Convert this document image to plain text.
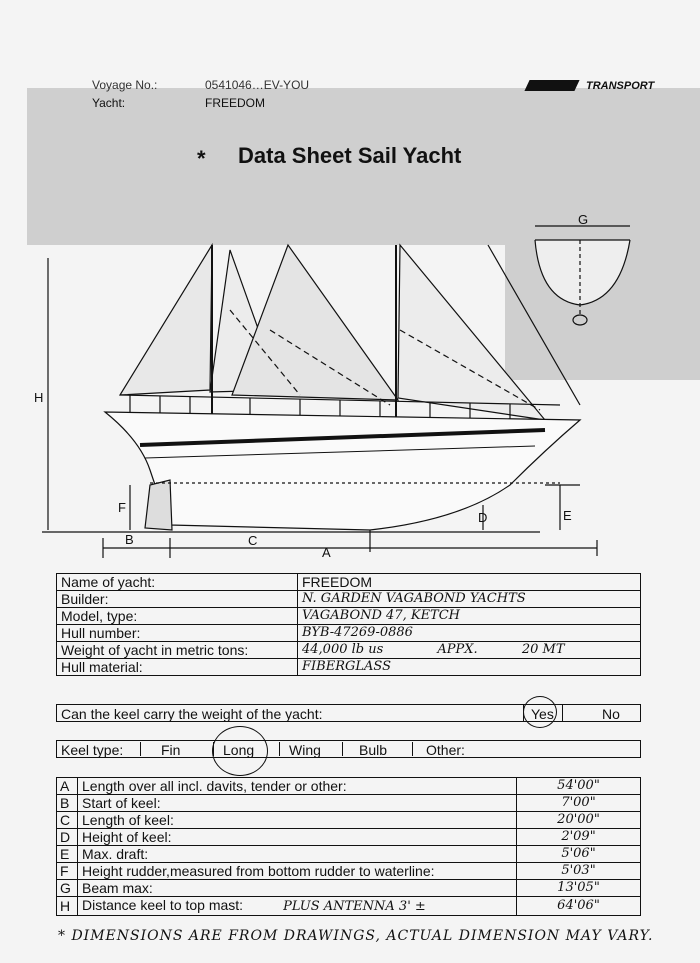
Voyage No.:	0541046…EV-YOU
Yacht:	FREEDOM
TRANSPORT
* Data Sheet Sail Yacht
H
F
B	C
A
D	E
G
Name of yacht:	FREEDOM
Builder:	N. GARDEN VAGABOND YACHTS
Model, type:	VAGABOND 47, KETCH
Hull number:	BYB-47269-0886
Weight of yacht in metric tons:	44,000 lb us APPX. 20 MT
Hull material:	FIBERGLASS
Can the keel carry the weight of the yacht:	Yes	No
Keel type:	Fin	Long Wing	Bulb	Other:
A	Length over all incl. davits, tender or other:	54'00"
B	Start of keel:	7'00"
C	Length of keel:	20'00"
D	Height of keel:	2'09"
E	Max. draft:	5'06"
F	Height rudder,measured from bottom rudder to waterline:	5'03"
G	Beam max:	13'05"
H	Distance keel to top mast: PLUS ANTENNA 3' ±	64'06"
* DIMENSIONS ARE FROM DRAWINGS, ACTUAL DIMENSION MAY VARY.
